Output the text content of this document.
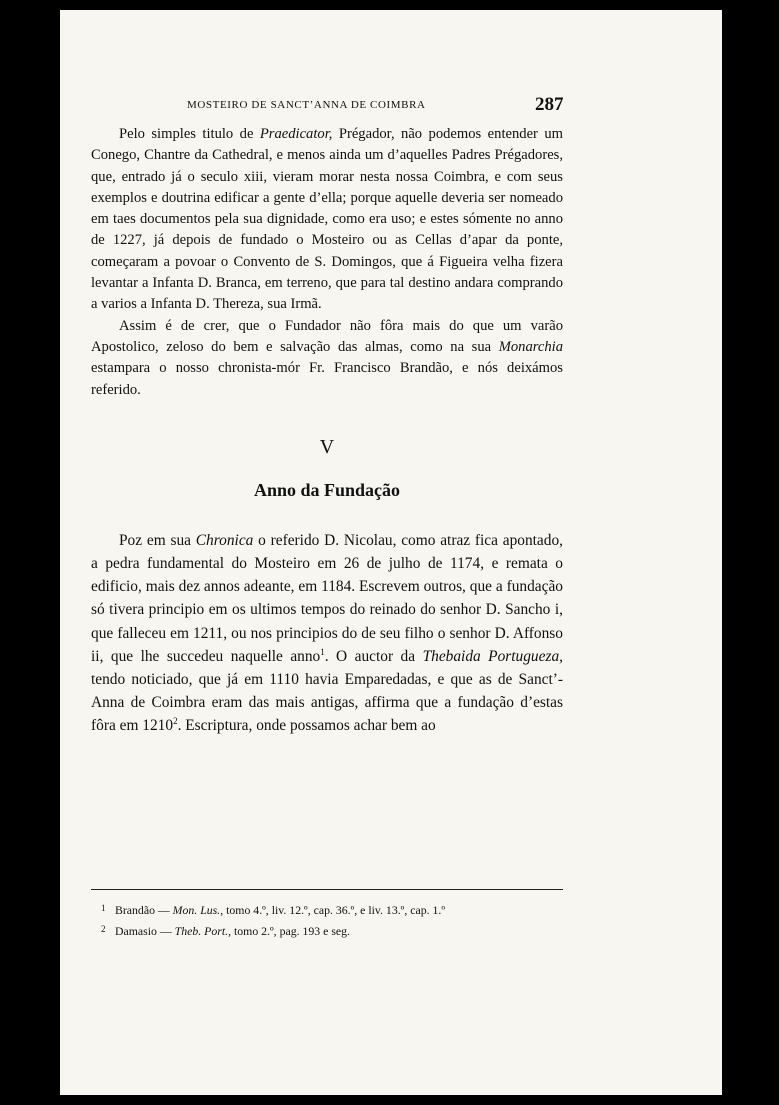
MOSTEIRO DE SANCT’ANNA DE COIMBRA	287

Pelo simples titulo de Praedicator, Prégador, não podemos entender um Conego, Chantre da Cathedral, e menos ainda um d’aquelles Padres Prégadores, que, entrado já o seculo xiii, vieram morar nesta nossa Coimbra, e com seus exemplos e doutrina edificar a gente d’ella; porque aquelle deveria ser nomeado em taes documentos pela sua dignidade, como era uso; e estes sómente no anno de 1227, já depois de fundado o Mosteiro ou as Cellas d’apar da ponte, começaram a povoar o Convento de S. Domingos, que á Figueira velha fizera levantar a Infanta D. Branca, em terreno, que para tal destino andara comprando a varios a Infanta D. Thereza, sua Irmã.

Assim é de crer, que o Fundador não fôra mais do que um varão Apostolico, zeloso do bem e salvação das almas, como na sua Monarchia estampara o nosso chronista-mór Fr. Francisco Brandão, e nós deixámos referido.

V
Anno da Fundação

Poz em sua Chronica o referido D. Nicolau, como atraz fica apontado, a pedra fundamental do Mosteiro em 26 de julho de 1174, e remata o edificio, mais dez annos adeante, em 1184. Escrevem outros, que a fundação só tivera principio em os ultimos tempos do reinado do senhor D. Sancho i, que falleceu em 1211, ou nos principios do de seu filho o senhor D. Affonso ii, que lhe succedeu naquelle anno$^1$. O auctor da Thebaida Portugueza, tendo noticiado, que já em 1110 havia Emparedadas, e que as de Sanct’-Anna de Coimbra eram das mais antigas, affirma que a fundação d’estas fôra em 1210$^2$. Escriptura, onde possamos achar bem ao

1 Brandão — Mon. Lus., tomo 4.º, liv. 12.º, cap. 36.º, e liv. 13.º, cap. 1.º
2 Damasio — Theb. Port., tomo 2.º, pag. 193 e seg.
